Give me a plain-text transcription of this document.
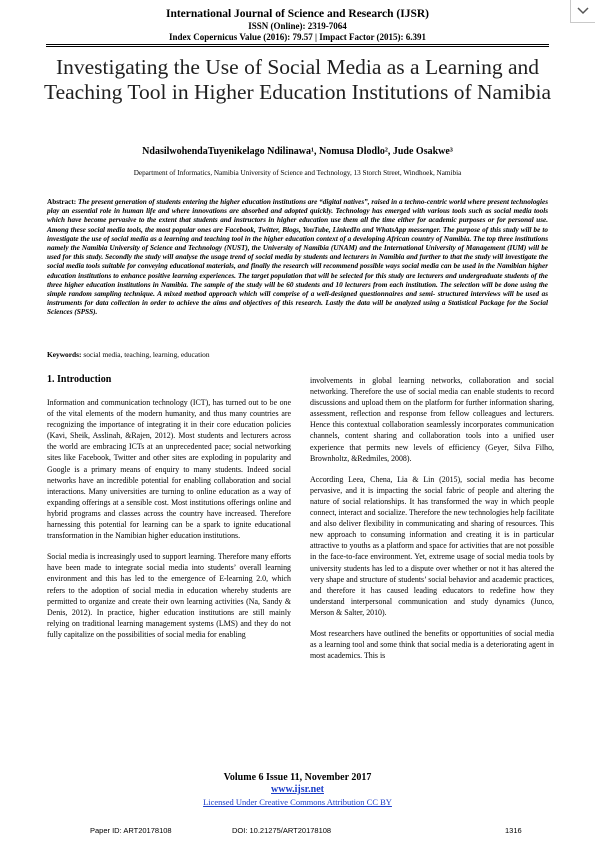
International Journal of Science and Research (IJSR)
ISSN (Online): 2319-7064
Index Copernicus Value (2016): 79.57 | Impact Factor (2015): 6.391
Investigating the Use of Social Media as a Learning and Teaching Tool in Higher Education Institutions of Namibia
NdasilwohendaTuyenikelago Ndilinawa¹, Nomusa Dlodlo², Jude Osakwe³
Department of Informatics, Namibia University of Science and Technology, 13 Storch Street, Windhoek, Namibia

Abstract: The present generation of students entering the higher education institutions are “digital natives”, raised in a techno-centric world where present technologies play an essential role in human life and where innovations are absorbed and adopted quickly. Technology has emerged with various tools such as social media tools which have become pervasive to the extent that students and instructors in higher education use them all the time either for academic purposes or for personal use. Among these social media tools, the most popular ones are Facebook, Twitter, Blogs, YouTube, LinkedIn and WhatsApp messenger. The purpose of this study will be to investigate the use of social media as a learning and teaching tool in the higher education context of a developing African country of Namibia. The top three institutions namely the Namibia University of Science and Technology (NUST), the University of Namibia (UNAM) and the International University of Management (IUM) will be used for this study. Secondly the study will analyse the usage trend of social media by students and lecturers in Namibia and further to that the study will investigate the social media tools suitable for conveying educational materials, and finally the research will recommend possible ways social media can be used in the Namibian higher education institutions to enhance positive learning experiences. The target population that will be selected for this study are lecturers and undergraduate students of the three higher education institutions in Namibia. The sample of the study will be 60 students and 10 lecturers from each institution. The selection will be done using the simple random sampling technique. A mixed method approach which will comprise of a well-designed questionnaires and semi- structured interviews will be used as instruments for data collection in order to achieve the aims and objectives of this research. Lastly the data will be analyzed using a Statistical Package for the Social Sciences (SPSS).

Keywords: social media, teaching, learning, education

1. Introduction

Information and communication technology (ICT), has turned out to be one of the vital elements of the modern humanity, and thus many countries are recognizing the importance of integrating it in their core education policies (Kavi, Sheik, Asslinah, &Rajen, 2012). Most students and lecturers across the world are embracing ICTs at an unprecedented pace; social networking sites like Facebook, Twitter and other sites are exploding in popularity and Google is a primary means of enquiry to many students. Indeed social networks have an incredible potential for enabling collaboration and social interactions. Many universities are turning to online education as a way of expanding offerings at a sensible cost. Most institutions offerings online and hybrid programs and classes across the country have increased. Therefore harnessing this potential for learning can be a spark to ignite educational transformation in the Namibian higher education institutions.

Social media is increasingly used to support learning. Therefore many efforts have been made to integrate social media into students’ overall learning environment and this has led to the emergence of E-learning 2.0, which refers to the adoption of social media in education whereby students are permitted to organize and create their own learning activities (Na, Sandy & Denis, 2012). In practice, higher education institutions are still mainly relying on traditional learning management systems (LMS) and they do not fully capitalize on the possibilities of social media for enabling

involvements in global learning networks, collaboration and social networking. Therefore the use of social media can enable students to record discussions and upload them on the platform for further information sharing, assessment, reflection and response from fellow colleagues and lecturers. Hence this contextual collaboration seamlessly incorporates communication channels, content sharing and collaboration tools into a unified user experience that permits new levels of efficiency (Geyer, Silva Filho, Brownholtz, &Redmiles, 2008).

According Leea, Chena, Lia & Lin (2015), social media has become pervasive, and it is impacting the social fabric of people and altering the nature of social relationships. It has transformed the way in which people connect, interact and socialize. Therefore the new technologies help facilitate and also deliver flexibility in communicating and sharing of resources. This new approach to consuming information and creating it is in particular attractive to youths as a platform and space for activities that are not possible in the face-to-face environment. Yet, extreme usage of social media tools by university students has led to a dispute over whether or not it has altered the very shape and structure of students’ social behavior and academic practices, and therefore it has caused leading educators to redefine how they understand interpersonal communication and study dynamics (Junco, Merson & Salter, 2010).

Most researchers have outlined the benefits or opportunities of social media as a learning tool and some think that social media is a deteriorating agent in most academics. This is

Volume 6 Issue 11, November 2017
www.ijsr.net
Licensed Under Creative Commons Attribution CC BY
Paper ID: ART20178108	DOI: 10.21275/ART20178108	1316
